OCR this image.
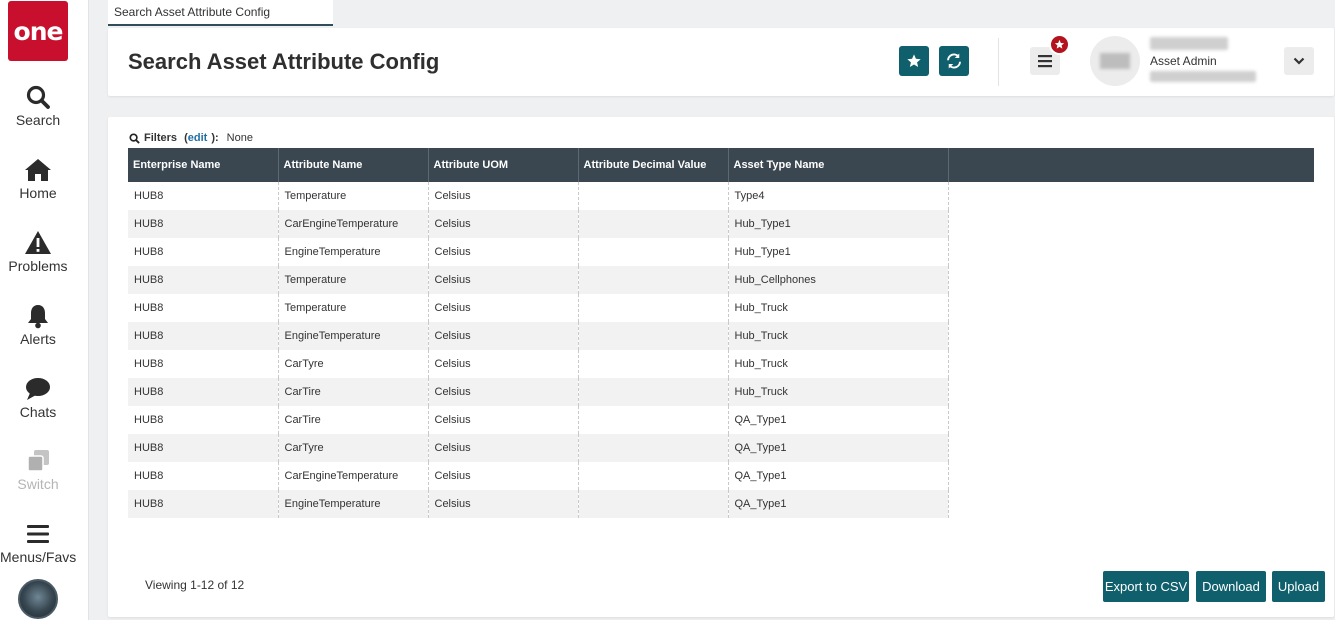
one
Search
Home
Problems
Alerts
Chats
Switch
Menus/Favs
Search Asset Attribute Config
Search Asset Attribute Config	Asset Admin
Filters ( edit ): None
Enterprise Name	Attribute Name	Attribute UOM	Attribute Decimal Value	Asset Type Name	
HUB8	Temperature	Celsius		Type4	
HUB8	CarEngineTemperature	Celsius		Hub_Type1	
HUB8	EngineTemperature	Celsius		Hub_Type1	
HUB8	Temperature	Celsius		Hub_Cellphones	
HUB8	Temperature	Celsius		Hub_Truck	
HUB8	EngineTemperature	Celsius		Hub_Truck	
HUB8	CarTyre	Celsius		Hub_Truck	
HUB8	CarTire	Celsius		Hub_Truck	
HUB8	CarTire	Celsius		QA_Type1	
HUB8	CarTyre	Celsius		QA_Type1	
HUB8	CarEngineTemperature	Celsius		QA_Type1	
HUB8	EngineTemperature	Celsius		QA_Type1	
Viewing 1-12 of 12	Export to CSV	Download	Upload
